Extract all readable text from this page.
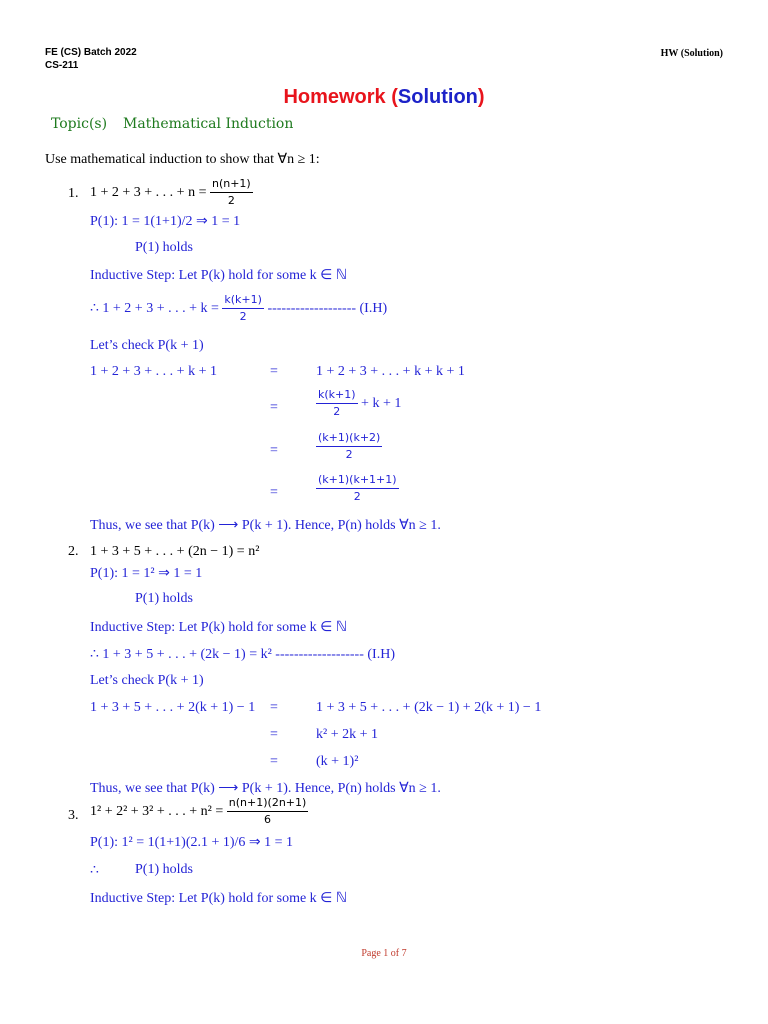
FE (CS) Batch 2022
CS-211
HW (Solution)
Homework (Solution)
Topic(s) Mathematical Induction
Use mathematical induction to show that ∀n ≥ 1:
1. 1 + 2 + 3 + . . . + $n = \frac{n(n+1)}{2}$
P(1): 1 = 1(1+1)/2 ⇒ 1 = 1
P(1) holds
Inductive Step: Let P(k) hold for some k ∈ ℕ
∴ 1 + 2 + 3 + . . . + $k = \frac{k(k+1)}{2}$ ------------------- (I.H)
Let’s check P(k + 1)
1 + 2 + 3 + . . . + k + 1	=	1 + 2 + 3 + . . . + k + k + 1
=	$\frac{k(k+1)}{2} + k + 1$
=	$\frac{(k+1)(k+2)}{2}$
=	$\frac{(k+1)(k+1+1)}{2}$
Thus, we see that P(k) ⟶ P(k + 1). Hence, P(n) holds ∀n ≥ 1.
2. 1 + 3 + 5 + . . . + (2n − 1) = n²
P(1): 1 = 1² ⇒ 1 = 1
P(1) holds
Inductive Step: Let P(k) hold for some k ∈ ℕ
∴ 1 + 3 + 5 + . . . + (2k − 1) = k² ------------------- (I.H)
Let’s check P(k + 1)
1 + 3 + 5 + . . . + 2(k + 1) − 1 =	1 + 3 + 5 + . . . + (2k − 1) + 2(k + 1) − 1
=	k² + 2k + 1
=	(k + 1)²
Thus, we see that P(k) ⟶ P(k + 1). Hence, P(n) holds ∀n ≥ 1.
3. 1² + 2² + 3² + . . . + $n^2 = \frac{n(n+1)(2n+1)}{6}$
P(1): 1² = 1(1+1)(2.1 + 1)/6 ⇒ 1 = 1
∴	P(1) holds
Inductive Step: Let P(k) hold for some k ∈ ℕ
Page 1 of 7
